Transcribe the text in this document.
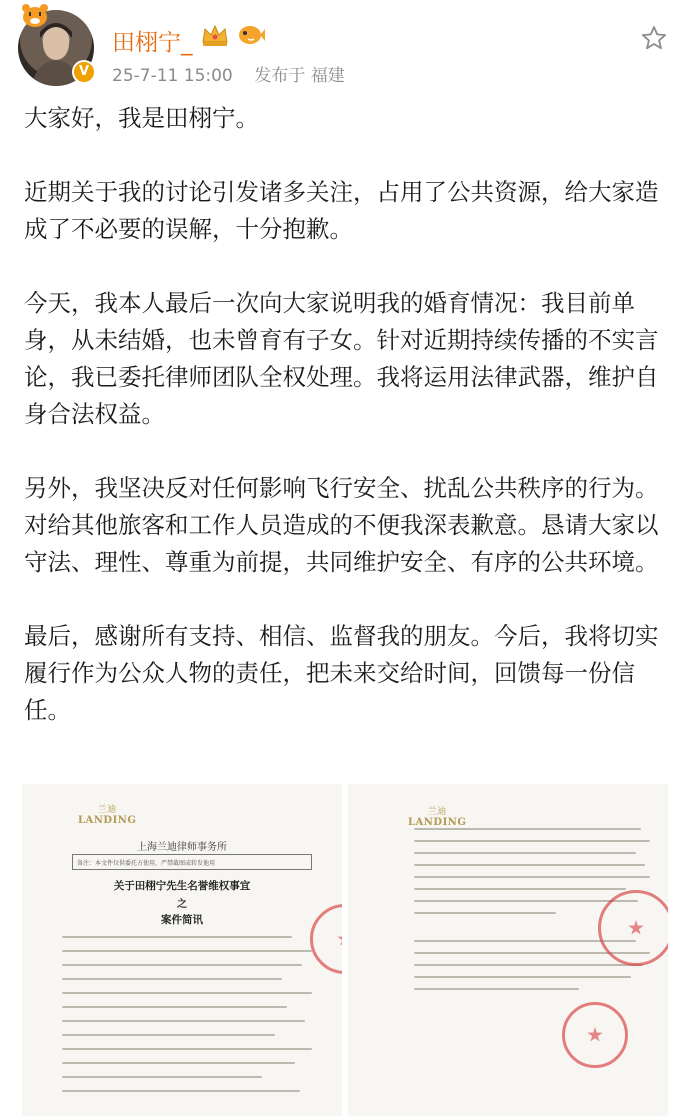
V
田栩宁_
25-7-11 15:00 发布于 福建

大家好，我是田栩宁。

近期关于我的讨论引发诸多关注，占用了公共资源，给大家造成了不必要的误解，十分抱歉。

今天，我本人最后一次向大家说明我的婚育情况：我目前单身，从未结婚，也未曾育有子女。针对近期持续传播的不实言论，我已委托律师团队全权处理。我将运用法律武器，维护自身合法权益。

另外，我坚决反对任何影响飞行安全、扰乱公共秩序的行为。对给其他旅客和工作人员造成的不便我深表歉意。恳请大家以守法、理性、尊重为前提，共同维护安全、有序的公共环境。

最后，感谢所有支持、相信、监督我的朋友。今后，我将切实履行作为公众人物的责任，把未来交给时间，回馈每一份信任。

兰迪
LANDING
上海兰迪律师事务所
备注：本文件仅供委托方使用，严禁截图或转发他用
关于田栩宁先生名誉维权事宜
之
案件简讯
兰迪
LANDING
